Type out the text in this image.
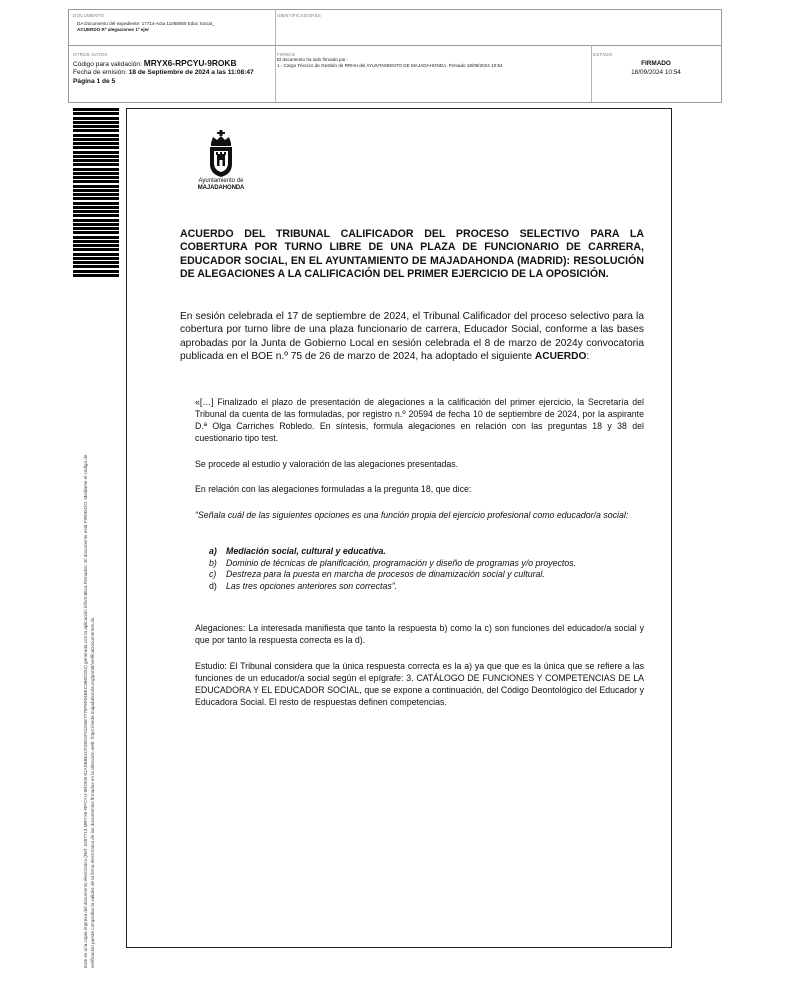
DOCUMENTO
DA Documento del expediente: 17714-Acta 11068550 Educ Social_
ACUERDO Rº alegaciones 1º ejer
IDENTIFICADORES
OTROS DATOS
Código para validación: MRYX6-RPCYU-9ROKB
Fecha de emisión: 18 de Septiembre de 2024 a las 11:08:47
Página 1 de 5
FIRMAS
El documento ha sido firmado por :
1.- Cargo Técnico de Gestión de RRHH del AYUNTAMIENTO DE MAJADAHONDA. Firmado 18/09/2024 10:54
ESTADO
FIRMADO
18/09/2024 10:54
Este es una copia impresa del documento electrónico (Ref: 3287713 MRYX6-RPCYU-9ROKB 81AD6B61CF2BD1F01D6E7770F8F04BEC3B0D252) generada con la aplicación informática Firmadoc. El documento está FIRMADO. Mediante el código de verificación puede comprobar la validez de la firma electrónica de los documentos firmados en la dirección web: https://sede.majadahonda.org/portal/verificaDocumentos.do
Ayuntamiento de
MAJADAHONDA
ACUERDO DEL TRIBUNAL CALIFICADOR DEL PROCESO SELECTIVO PARA LA COBERTURA POR TURNO LIBRE DE UNA PLAZA DE FUNCIONARIO DE CARRERA, EDUCADOR SOCIAL, EN EL AYUNTAMIENTO DE MAJADAHONDA (MADRID): RESOLUCIÓN DE ALEGACIONES A LA CALIFICACIÓN DEL PRIMER EJERCICIO DE LA OPOSICIÓN.
En sesión celebrada el 17 de septiembre de 2024, el Tribunal Calificador del proceso selectivo para la cobertura por turno libre de una plaza funcionario de carrera, Educador Social, conforme a las bases aprobadas por la Junta de Gobierno Local en sesión celebrada el 8 de marzo de 2024y convocatoria publicada en el BOE n.º 75 de 26 de marzo de 2024, ha adoptado el siguiente ACUERDO:
«[…] Finalizado el plazo de presentación de alegaciones a la calificación del primer ejercicio, la Secretaría del Tribunal da cuenta de las formuladas, por registro n.º 20594 de fecha 10 de septiembre de 2024, por la aspirante D.ª Olga Carriches Robledo. En síntesis, formula alegaciones en relación con las preguntas 18 y 38 del cuestionario tipo test.
Se procede al estudio y valoración de las alegaciones presentadas.
En relación con las alegaciones formuladas a la pregunta 18, que dice:
“Señala cuál de las siguientes opciones es una función propia del ejercicio profesional como educador/a social:
a) Mediación social, cultural y educativa.
b) Dominio de técnicas de planificación, programación y diseño de programas y/o proyectos.
c) Destreza para la puesta en marcha de procesos de dinamización social y cultural.
d) Las tres opciones anteriores son correctas”.
Alegaciones: La interesada manifiesta que tanto la respuesta b) como la c) son funciones del educador/a social y que por tanto la respuesta correcta es la d).
Estudio: El Tribunal considera que la única respuesta correcta es la a) ya que que es la única que se refiere a las funciones de un educador/a social según el epígrafe: 3. CATÁLOGO DE FUNCIONES Y COMPETENCIAS DE LA EDUCADORA Y EL EDUCADOR SOCIAL, que se expone a continuación, del Código Deontológico del Educador y Educadora Social. El resto de respuestas definen competencias.
